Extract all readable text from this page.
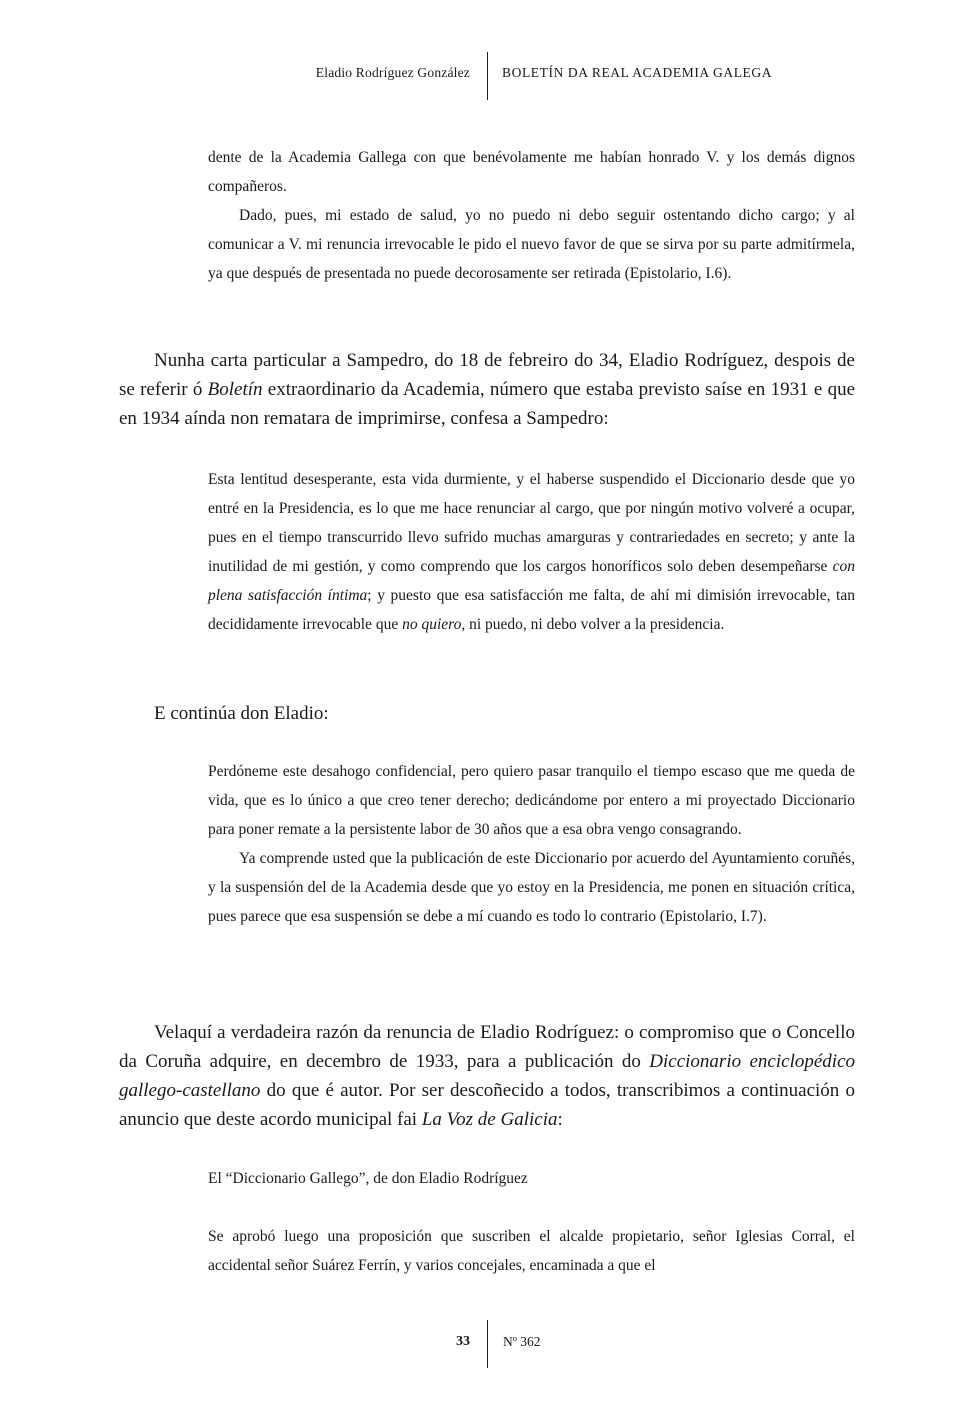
Eladio Rodríguez González BOLETÍN DA REAL ACADEMIA GALEGA

dente de la Academia Gallega con que benévolamente me habían honrado V. y los demás dignos compañeros.

Dado, pues, mi estado de salud, yo no puedo ni debo seguir ostentando dicho cargo; y al comunicar a V. mi renuncia irrevocable le pido el nuevo favor de que se sirva por su parte admitírmela, ya que después de presentada no puede decorosamente ser retirada (Epistolario, I.6).

Nunha carta particular a Sampedro, do 18 de febreiro do 34, Eladio Rodríguez, despois de se referir ó Boletín extraordinario da Academia, número que estaba previsto saíse en 1931 e que en 1934 aínda non rematara de imprimirse, confesa a Sampedro:

Esta lentitud desesperante, esta vida durmiente, y el haberse suspendido el Diccionario desde que yo entré en la Presidencia, es lo que me hace renunciar al cargo, que por ningún motivo volveré a ocupar, pues en el tiempo transcurrido llevo sufrido muchas amarguras y contrariedades en secreto; y ante la inutilidad de mi gestión, y como comprendo que los cargos honoríficos solo deben desempeñarse con plena satisfacción íntima; y puesto que esa satisfacción me falta, de ahí mi dimisión irrevocable, tan decididamente irrevocable que no quiero, ni puedo, ni debo volver a la presidencia.

E continúa don Eladio:

Perdóneme este desahogo confidencial, pero quiero pasar tranquilo el tiempo escaso que me queda de vida, que es lo único a que creo tener derecho; dedicándome por entero a mi proyectado Diccionario para poner remate a la persistente labor de 30 años que a esa obra vengo consagrando.

Ya comprende usted que la publicación de este Diccionario por acuerdo del Ayuntamiento coruñés, y la suspensión del de la Academia desde que yo estoy en la Presidencia, me ponen en situación crítica, pues parece que esa suspensión se debe a mí cuando es todo lo contrario (Epistolario, I.7).

Velaquí a verdadeira razón da renuncia de Eladio Rodríguez: o compromiso que o Concello da Coruña adquire, en decembro de 1933, para a publicación do Diccionario enciclopédico gallego-castellano do que é autor. Por ser descoñecido a todos, transcribimos a continuación o anuncio que deste acordo municipal fai La Voz de Galicia:

El “Diccionario Gallego”, de don Eladio Rodríguez

Se aprobó luego una proposición que suscriben el alcalde propietario, señor Iglesias Corral, el accidental señor Suárez Ferrín, y varios concejales, encaminada a que el

33 Nº 362
